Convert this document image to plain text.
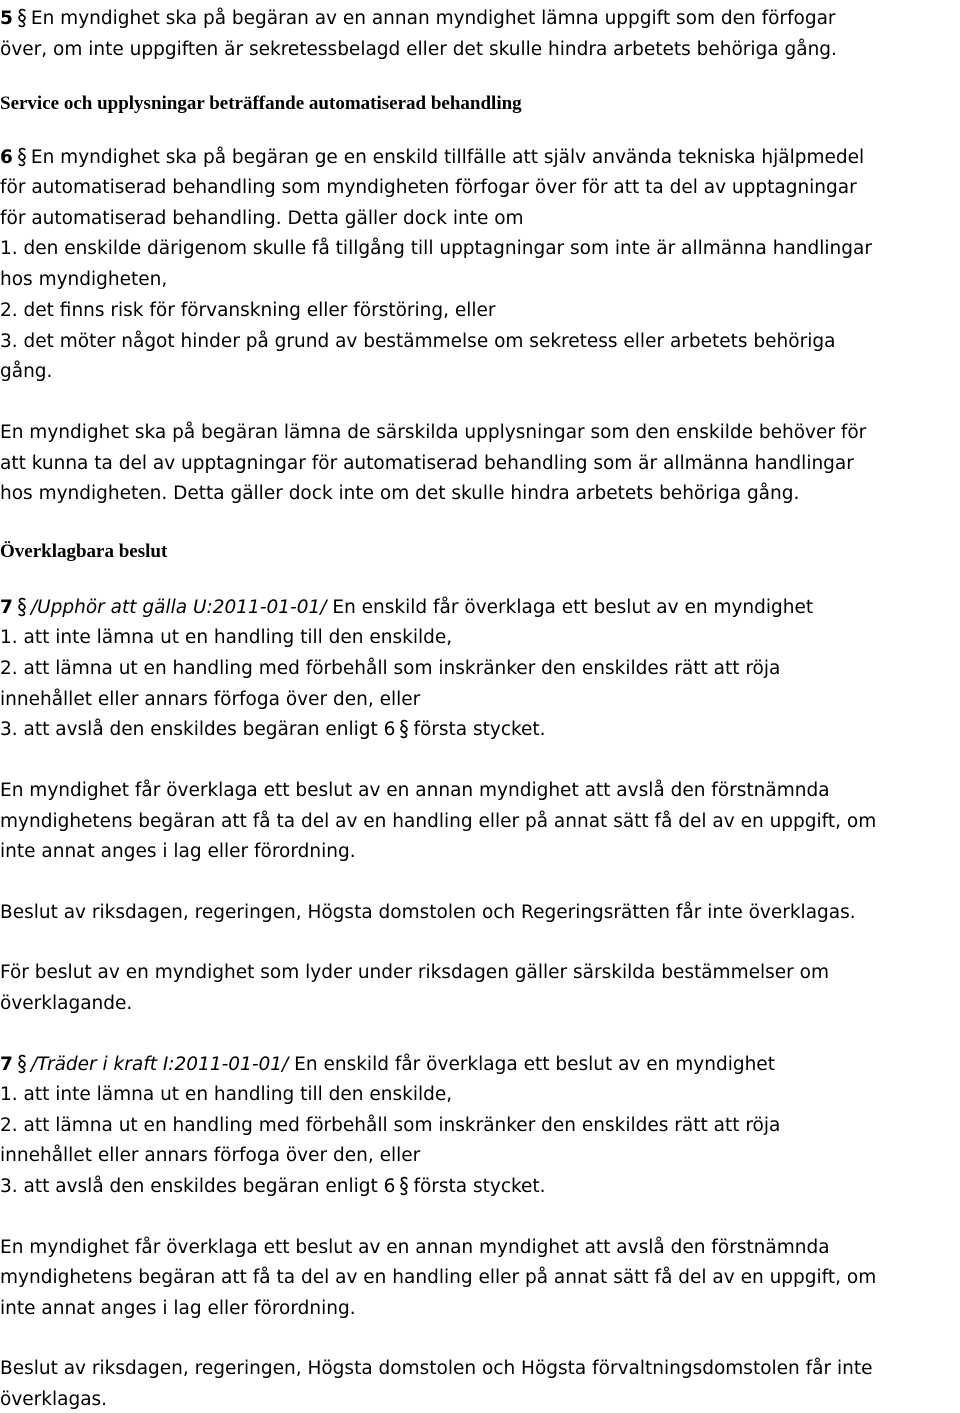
5 En myndighet ska på begäran av en annan myndighet lämna uppgift som den förfogar
över, om inte uppgiften är sekretessbelagd eller det skulle hindra arbetets behöriga gång.
Service och upplysningar beträffande automatiserad behandling
6 En myndighet ska på begäran ge en enskild tillfälle att själv använda tekniska hjälpmedel
för automatiserad behandling som myndigheten förfogar över för att ta del av upptagningar
för automatiserad behandling. Detta gäller dock inte om
1. den enskilde därigenom skulle få tillgång till upptagningar som inte är allmänna handlingar
hos myndigheten,
2. det finns risk för förvanskning eller förstöring, eller
3. det möter något hinder på grund av bestämmelse om sekretess eller arbetets behöriga
gång.
En myndighet ska på begäran lämna de särskilda upplysningar som den enskilde behöver för
att kunna ta del av upptagningar för automatiserad behandling som är allmänna handlingar
hos myndigheten. Detta gäller dock inte om det skulle hindra arbetets behöriga gång.
Överklagbara beslut
7 /Upphör att gälla U:2011-01-01/ En enskild får överklaga ett beslut av en myndighet
1. att inte lämna ut en handling till den enskilde,
2. att lämna ut en handling med förbehåll som inskränker den enskildes rätt att röja
innehållet eller annars förfoga över den, eller
3. att avslå den enskildes begäran enligt 6 första stycket.
En myndighet får överklaga ett beslut av en annan myndighet att avslå den förstnämnda
myndighetens begäran att få ta del av en handling eller på annat sätt få del av en uppgift, om
inte annat anges i lag eller förordning.
Beslut av riksdagen, regeringen, Högsta domstolen och Regeringsrätten får inte överklagas.
För beslut av en myndighet som lyder under riksdagen gäller särskilda bestämmelser om
överklagande.
7 /Träder i kraft I:2011-01-01/ En enskild får överklaga ett beslut av en myndighet
1. att inte lämna ut en handling till den enskilde,
2. att lämna ut en handling med förbehåll som inskränker den enskildes rätt att röja
innehållet eller annars förfoga över den, eller
3. att avslå den enskildes begäran enligt 6 första stycket.
En myndighet får överklaga ett beslut av en annan myndighet att avslå den förstnämnda
myndighetens begäran att få ta del av en handling eller på annat sätt få del av en uppgift, om
inte annat anges i lag eller förordning.
Beslut av riksdagen, regeringen, Högsta domstolen och Högsta förvaltningsdomstolen får inte
överklagas.
